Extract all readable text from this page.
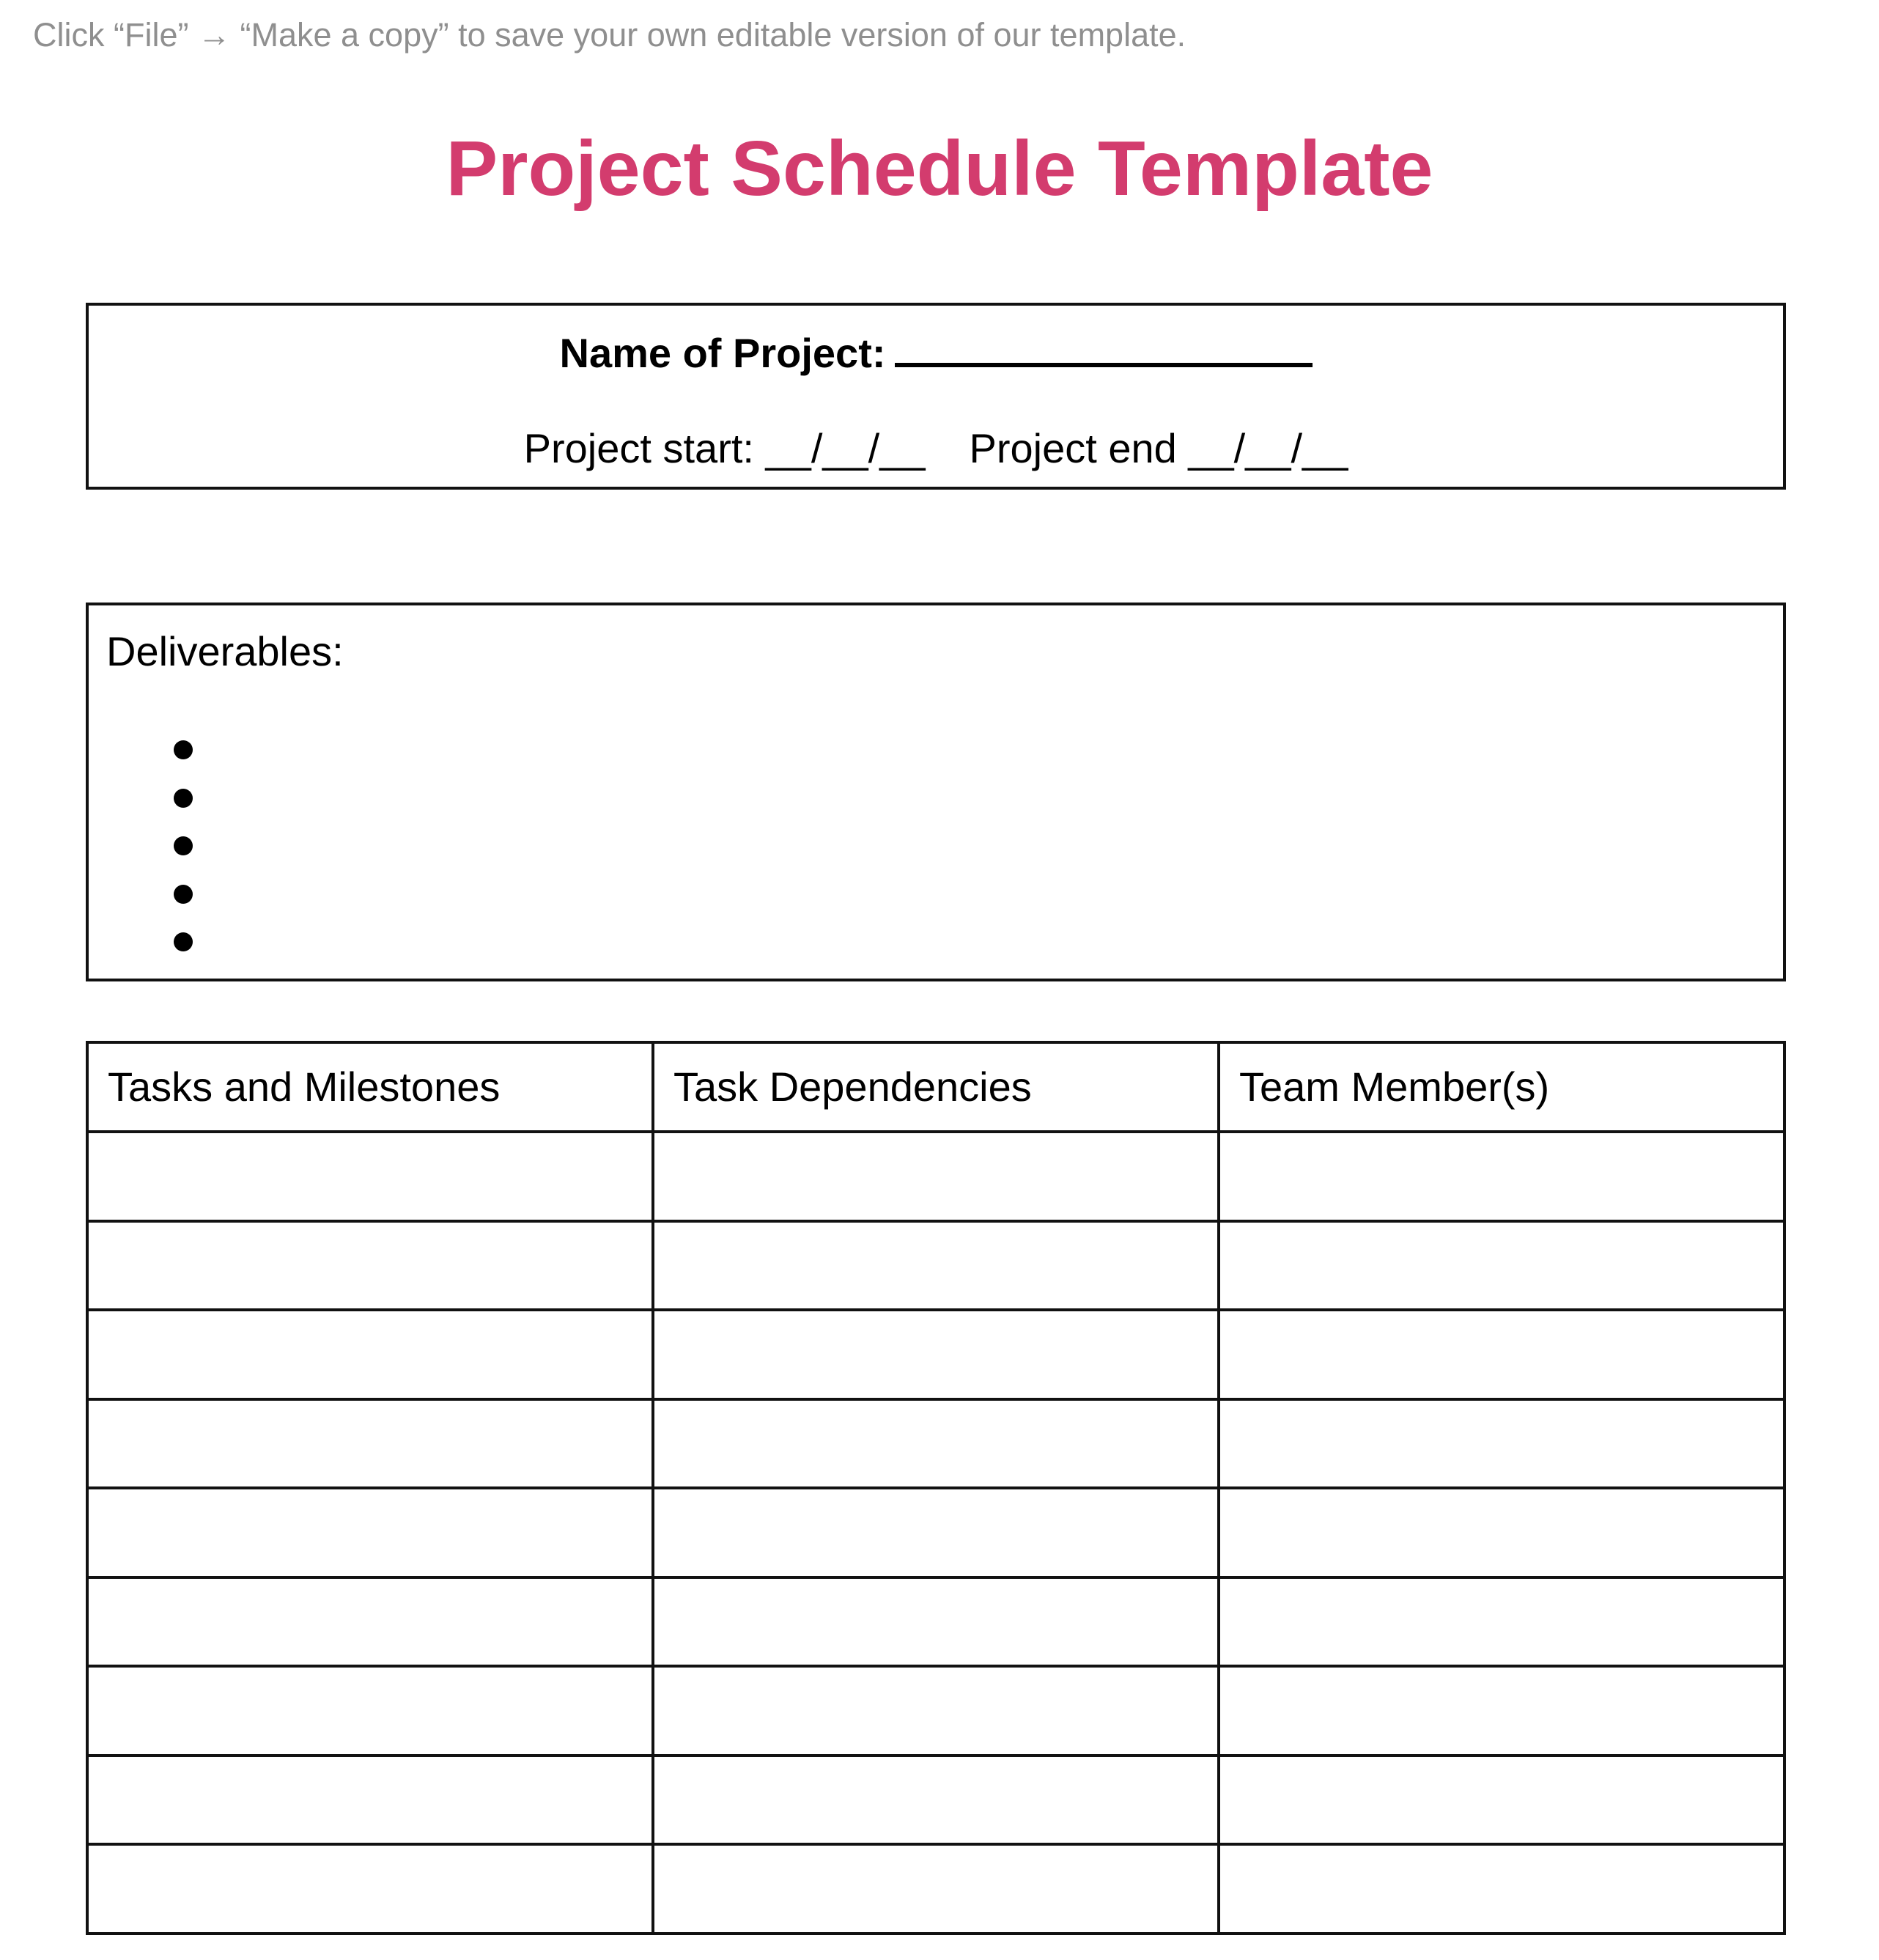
Click “File” → “Make a copy” to save your own editable version of our template.
Project Schedule Template
Name of Project:
Project start: __/__/__ Project end __/__/__
Deliverables:
Tasks and Milestones	Task Dependencies	Team Member(s)
